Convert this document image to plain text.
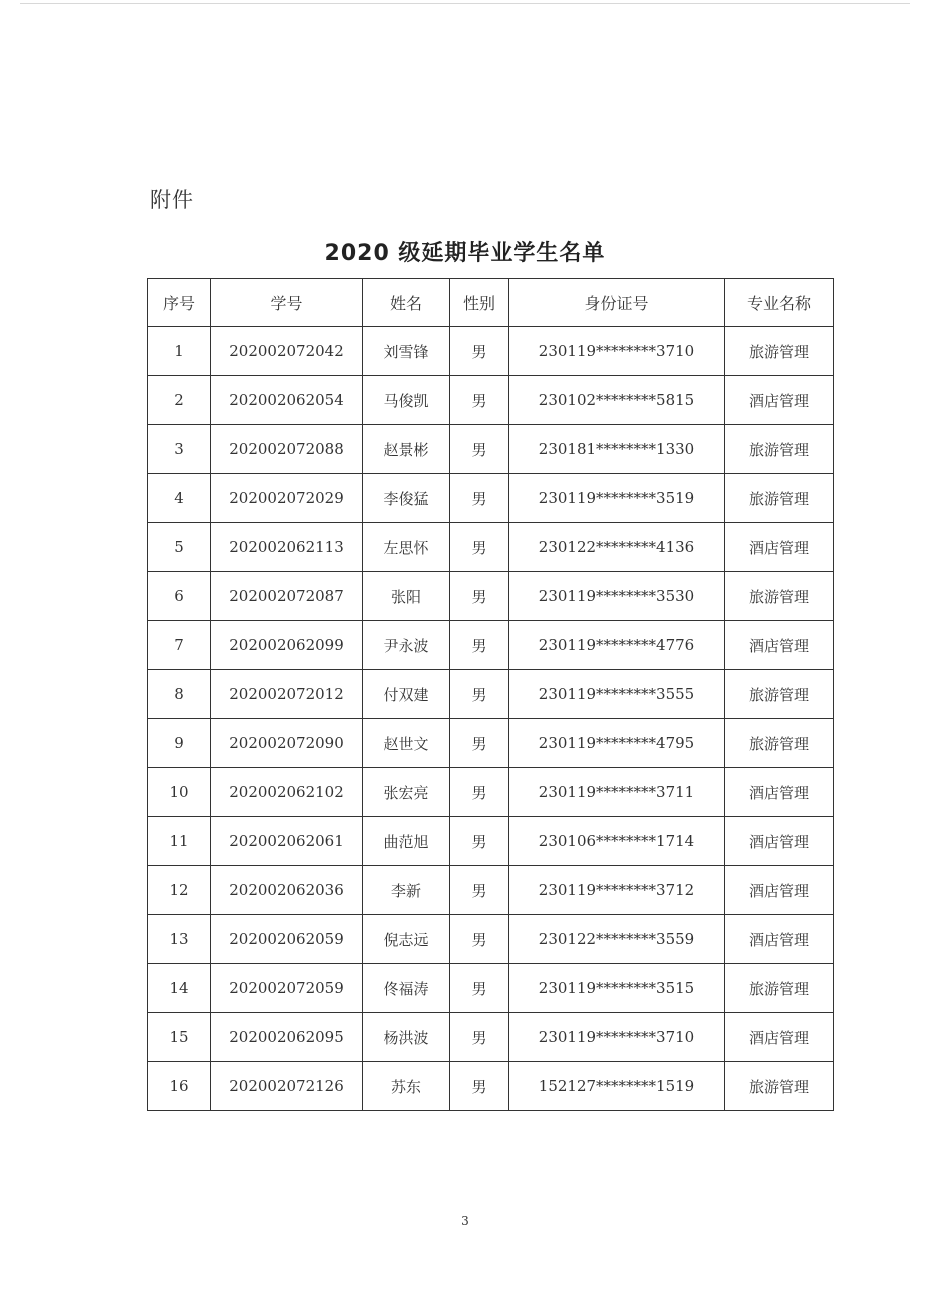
附件
2020 级延期毕业学生名单
序号	学号	姓名	性别	身份证号	专业名称
1	202002072042	刘雪锋	男	230119********3710	旅游管理
2	202002062054	马俊凯	男	230102********5815	酒店管理
3	202002072088	赵景彬	男	230181********1330	旅游管理
4	202002072029	李俊猛	男	230119********3519	旅游管理
5	202002062113	左思怀	男	230122********4136	酒店管理
6	202002072087	张阳	男	230119********3530	旅游管理
7	202002062099	尹永波	男	230119********4776	酒店管理
8	202002072012	付双建	男	230119********3555	旅游管理
9	202002072090	赵世文	男	230119********4795	旅游管理
10	202002062102	张宏亮	男	230119********3711	酒店管理
11	202002062061	曲范旭	男	230106********1714	酒店管理
12	202002062036	李新	男	230119********3712	酒店管理
13	202002062059	倪志远	男	230122********3559	酒店管理
14	202002072059	佟福涛	男	230119********3515	旅游管理
15	202002062095	杨洪波	男	230119********3710	酒店管理
16	202002072126	苏东	男	152127********1519	旅游管理
3
